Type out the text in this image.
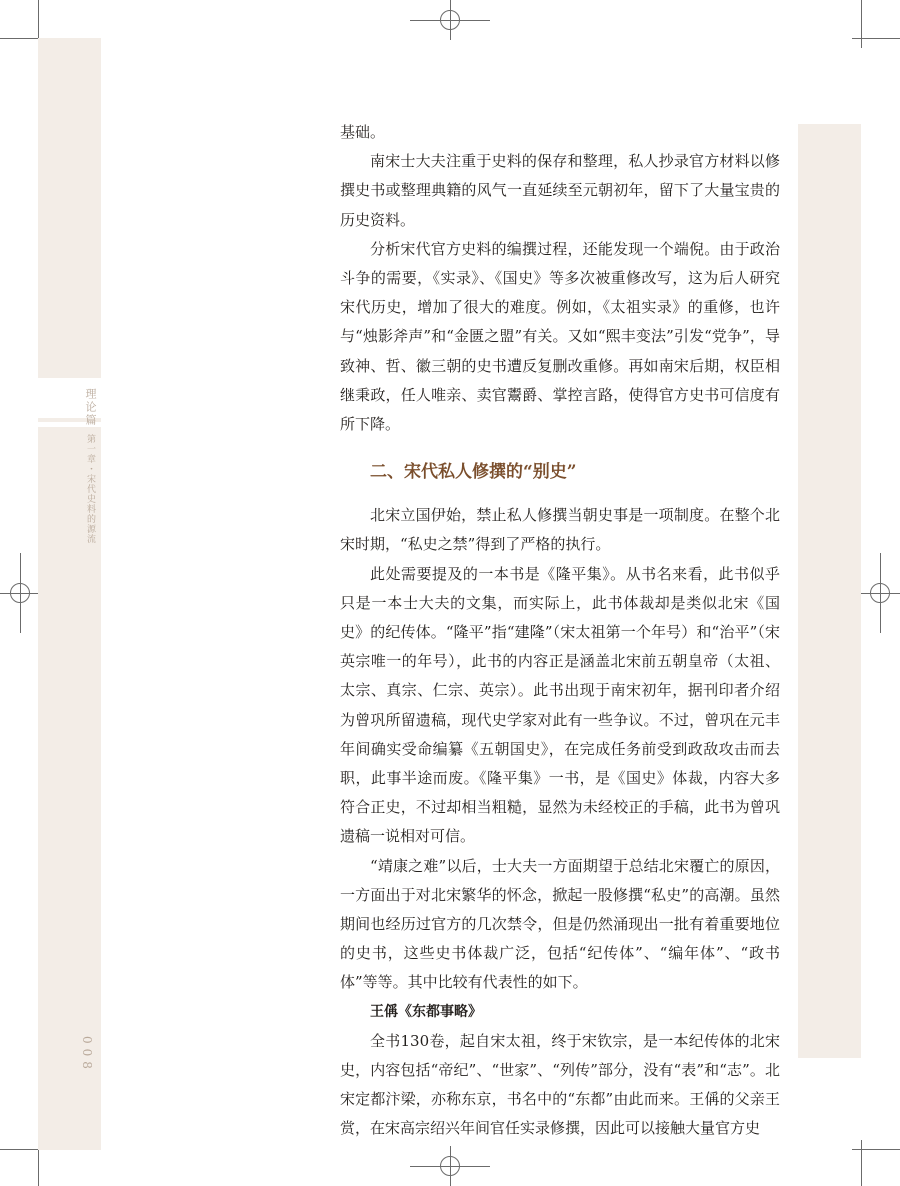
理论篇
第一章・宋代史料的源流
008

基础。

南宋士大夫注重于史料的保存和整理，私人抄录官方材料以修撰史书或整理典籍的风气一直延续至元朝初年，留下了大量宝贵的历史资料。

分析宋代官方史料的编撰过程，还能发现一个端倪。由于政治斗争的需要，《实录》、《国史》等多次被重修改写，这为后人研究宋代历史，增加了很大的难度。例如，《太祖实录》的重修，也许与“烛影斧声”和“金匮之盟”有关。又如“熙丰变法”引发“党争”，导致神、哲、徽三朝的史书遭反复删改重修。再如南宋后期，权臣相继秉政，任人唯亲、卖官鬻爵、掌控言路，使得官方史书可信度有所下降。

二、宋代私人修撰的“别史”

北宋立国伊始，禁止私人修撰当朝史事是一项制度。在整个北宋时期，“私史之禁”得到了严格的执行。

此处需要提及的一本书是《隆平集》。从书名来看，此书似乎只是一本士大夫的文集，而实际上，此书体裁却是类似北宋《国史》的纪传体。“隆平”指“建隆”（宋太祖第一个年号）和“治平”（宋英宗唯一的年号），此书的内容正是涵盖北宋前五朝皇帝（太祖、太宗、真宗、仁宗、英宗）。此书出现于南宋初年，据刊印者介绍为曾巩所留遗稿，现代史学家对此有一些争议。不过，曾巩在元丰年间确实受命编纂《五朝国史》，在完成任务前受到政敌攻击而去职，此事半途而废。《隆平集》一书，是《国史》体裁，内容大多符合正史，不过却相当粗糙，显然为未经校正的手稿，此书为曾巩遗稿一说相对可信。

“靖康之难”以后，士大夫一方面期望于总结北宋覆亡的原因，一方面出于对北宋繁华的怀念，掀起一股修撰“私史”的高潮。虽然期间也经历过官方的几次禁令，但是仍然涌现出一批有着重要地位的史书，这些史书体裁广泛，包括“纪传体”、“编年体”、“政书体”等等。其中比较有代表性的如下。

王偁《东都事略》

全书130卷，起自宋太祖，终于宋钦宗，是一本纪传体的北宋史，内容包括“帝纪”、“世家”、“列传”部分，没有“表”和“志”。北宋定都汴梁，亦称东京，书名中的“东都”由此而来。王偁的父亲王赏，在宋高宗绍兴年间官任实录修撰，因此可以接触大量官方史
